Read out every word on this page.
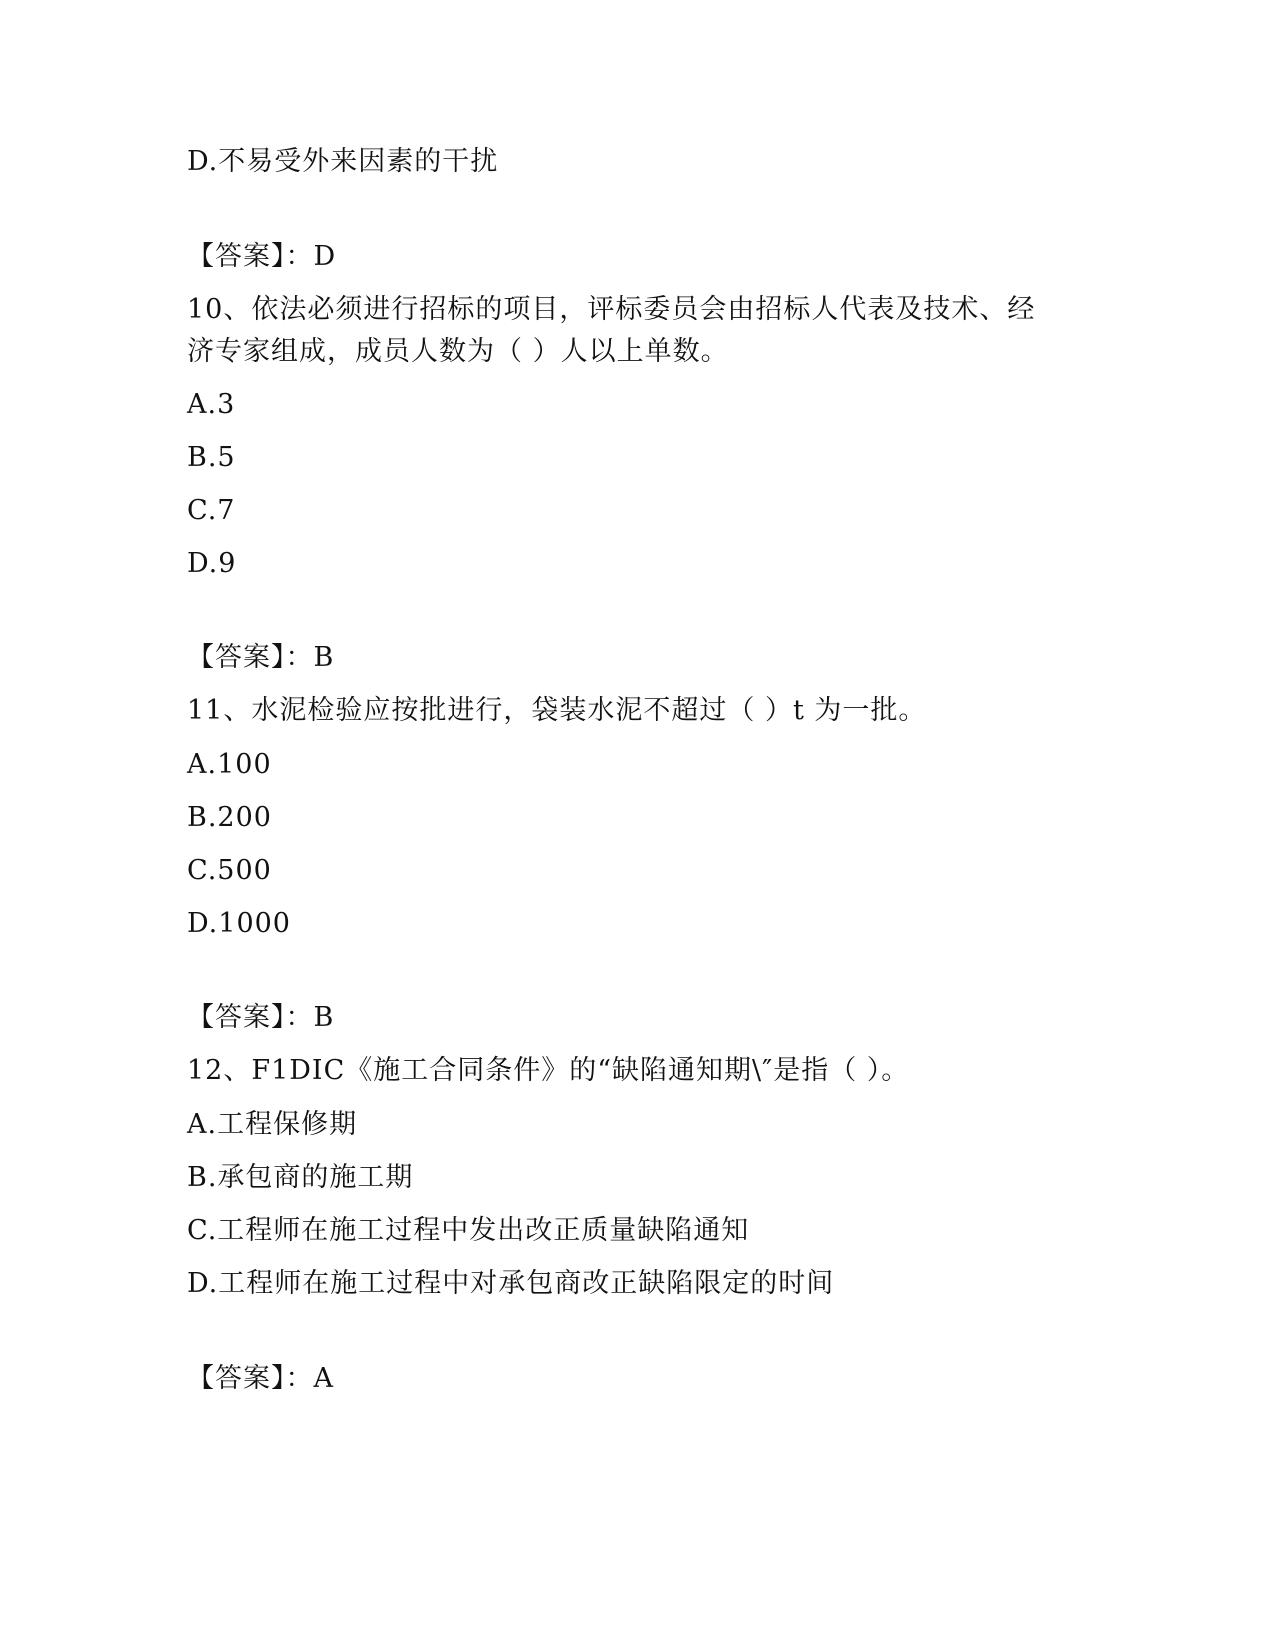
D.不易受外来因素的干扰
【答案】：D
10、依法必须进行招标的项目，评标委员会由招标人代表及技术、经
济专家组成，成员人数为（ ）人以上单数。
A.3
B.5
C.7
D.9
【答案】：B
11、水泥检验应按批进行，袋装水泥不超过（ ）t 为一批。
A.100
B.200
C.500
D.1000
【答案】：B
12、F1DIC《施工合同条件》的“缺陷通知期\″是指（ ）。
A.工程保修期
B.承包商的施工期
C.工程师在施工过程中发出改正质量缺陷通知
D.工程师在施工过程中对承包商改正缺陷限定的时间
【答案】：A
